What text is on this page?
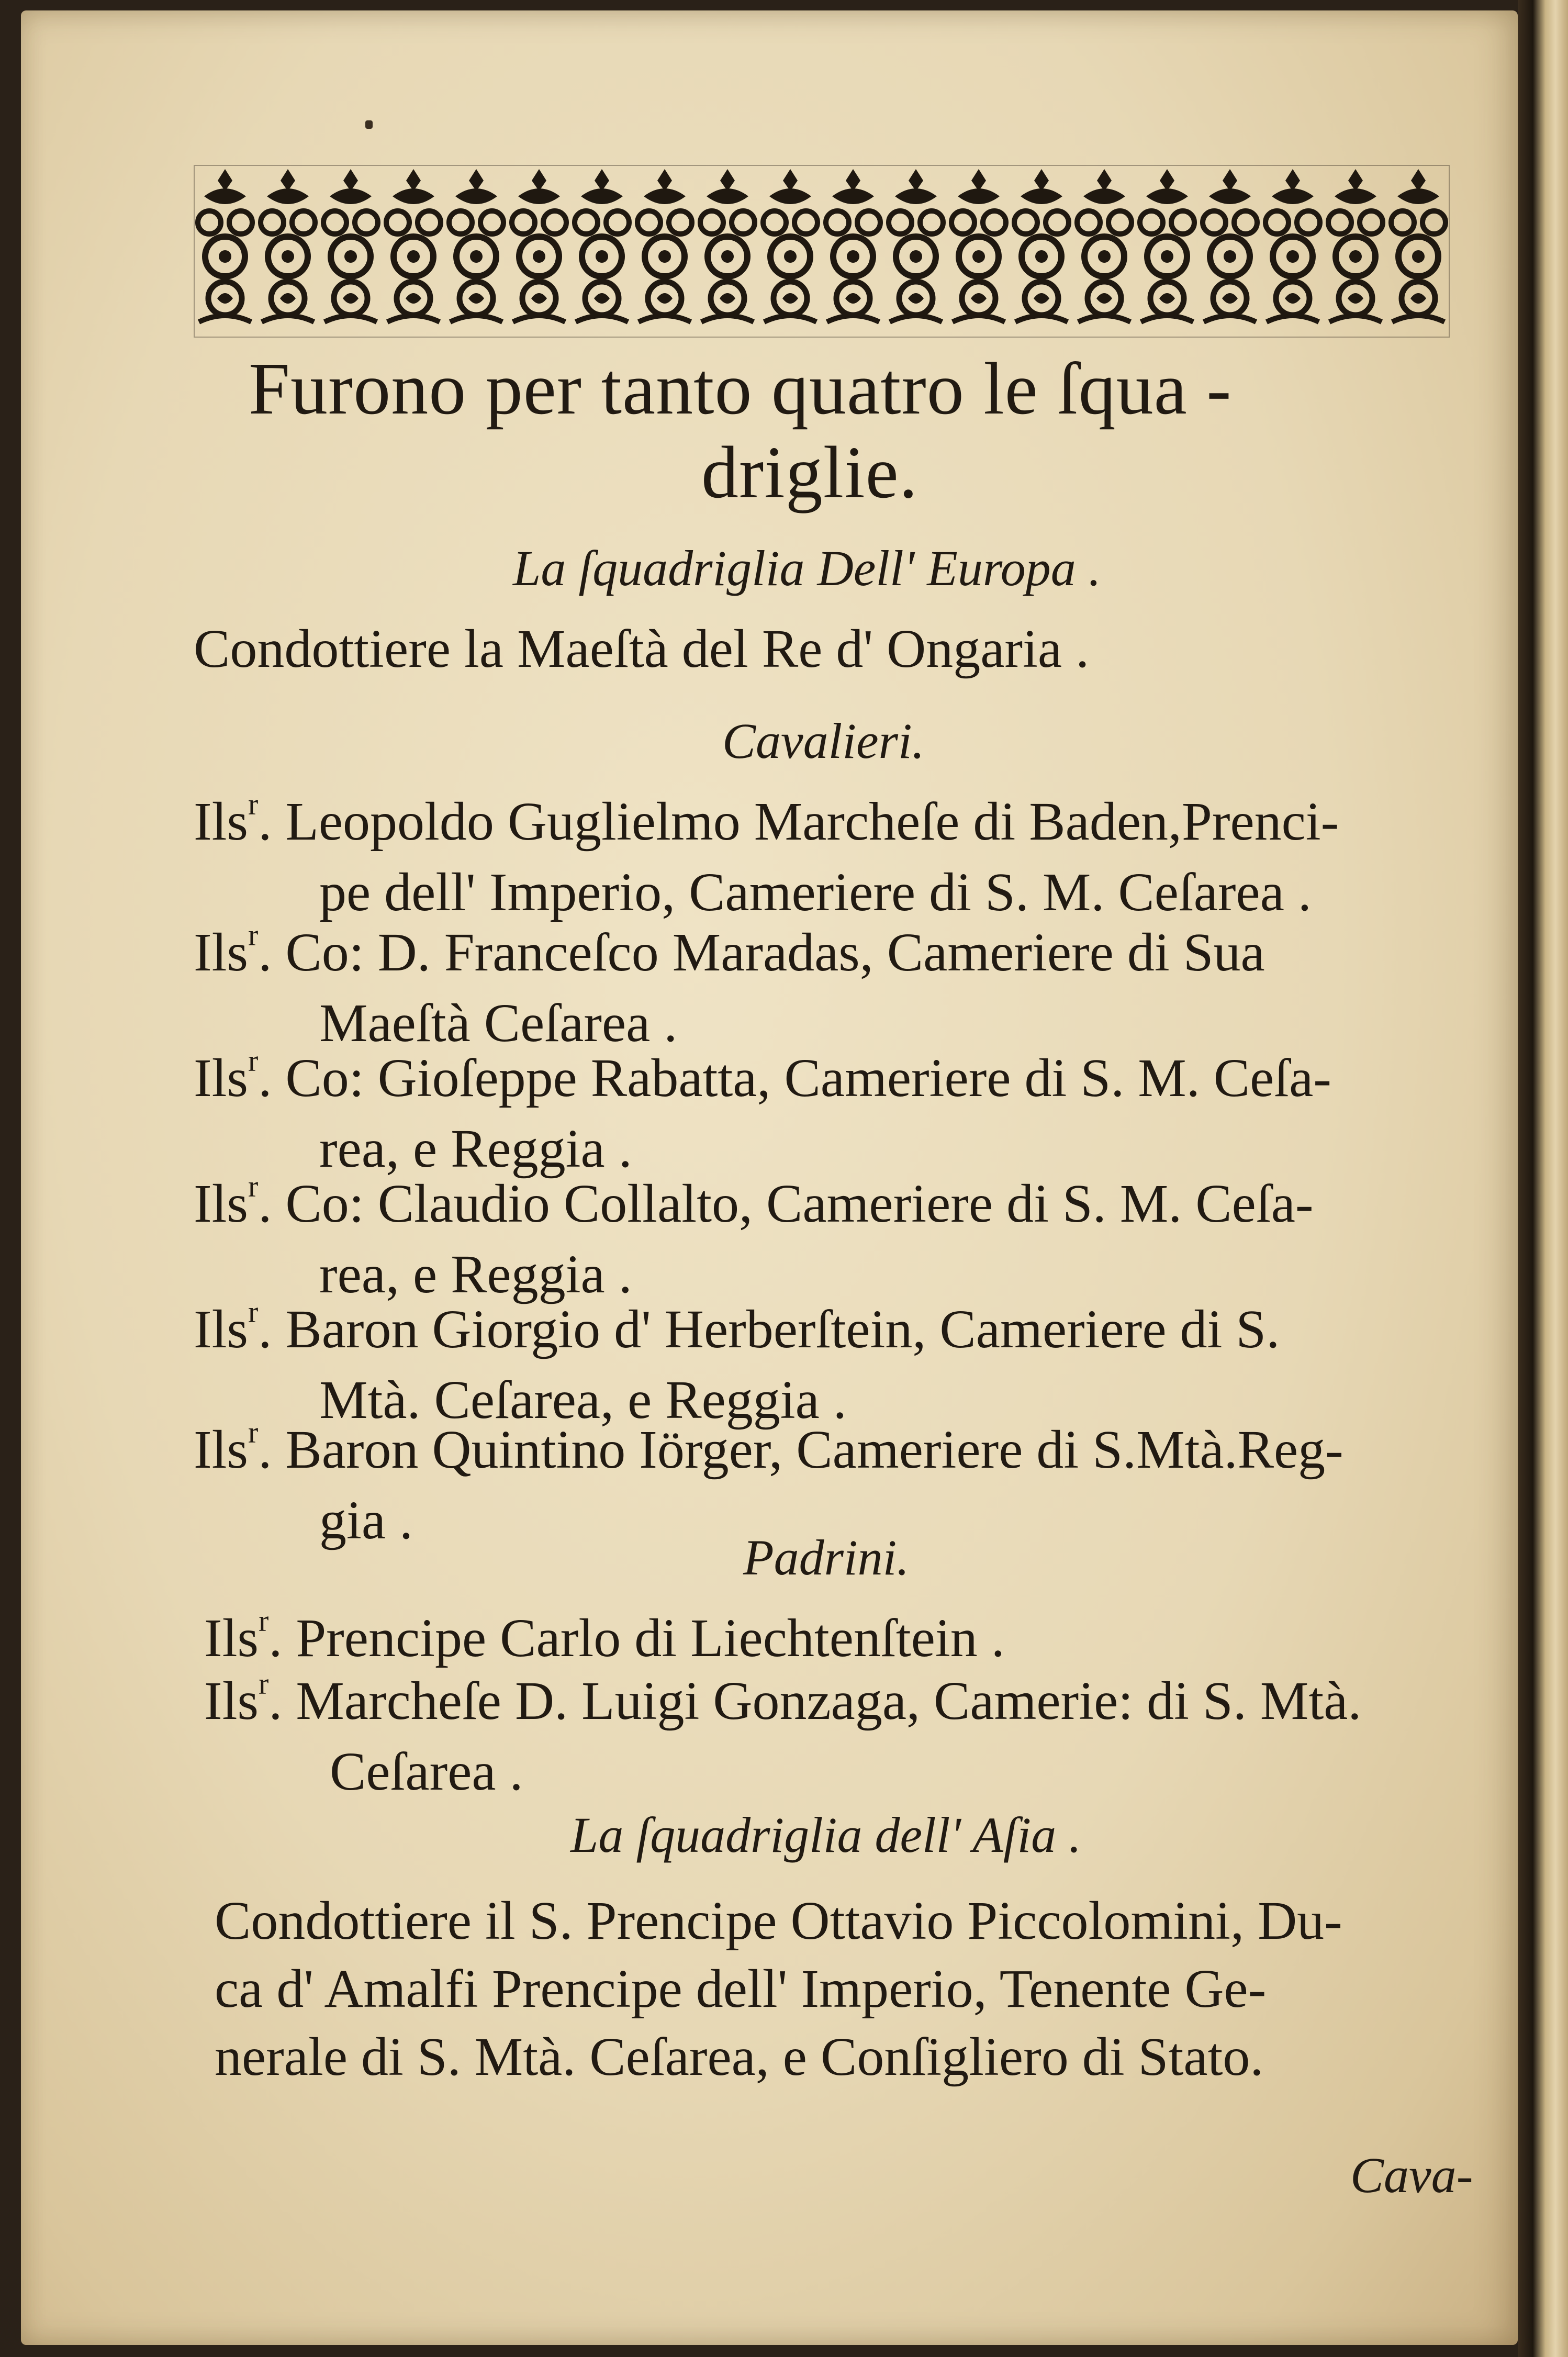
Furono per tanto quatro le ſqua -
driglie.
La ſquadriglia Dell' Europa .
Condottiere la Maeſtà del Re d' Ongaria .
Cavalieri.
Ils$^r$. Leopoldo Guglielmo Marcheſe di Baden,Prenci-
pe dell' Imperio, Cameriere di S. M. Ceſarea .
Ils$^r$. Co: D. Franceſco Maradas, Cameriere di Sua
Maeſtà Ceſarea .
Ils$^r$. Co: Gioſeppe Rabatta, Cameriere di S. M. Ceſa-
rea, e Reggia .
Ils$^r$. Co: Claudio Collalto, Cameriere di S. M. Ceſa-
rea, e Reggia .
Ils$^r$. Baron Giorgio d' Herberſtein, Cameriere di S.
Mtà. Ceſarea, e Reggia .
Ils$^r$. Baron Quintino Iörger, Cameriere di S.Mtà.Reg-
gia .
Padrini.
Ils$^r$. Prencipe Carlo di Liechtenſtein .
Ils$^r$. Marcheſe D. Luigi Gonzaga, Camerie: di S. Mtà.
Ceſarea .
La ſquadriglia dell' Aſia .
Condottiere il S. Prencipe Ottavio Piccolomini, Du-
ca d' Amalfi Prencipe dell' Imperio, Tenente Ge-
nerale di S. Mtà. Ceſarea, e Conſigliero di Stato.
Cava-
